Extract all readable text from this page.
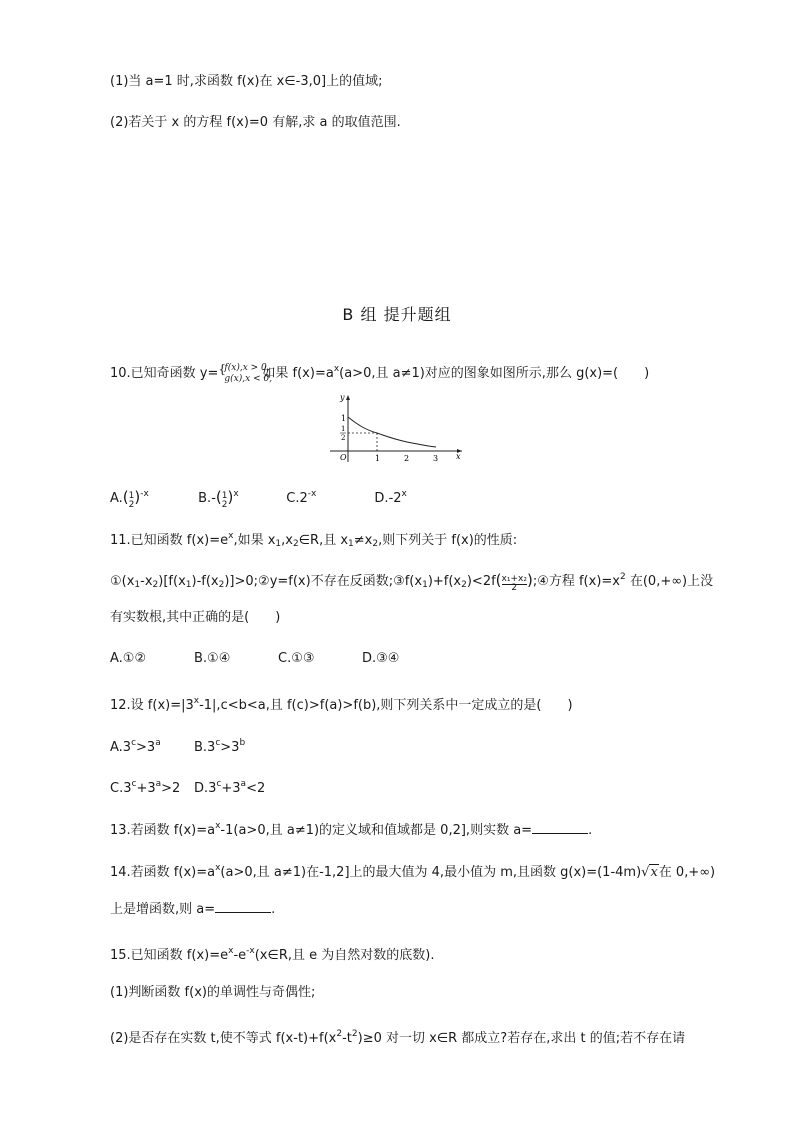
(1)当 a=1 时,求函数 f(x)在 x∈-3,0]上的值域;
(2)若关于 x 的方程 f(x)=0 有解,求 a 的取值范围.
B 组 提升题组
10.已知奇函数 y= {
f(x),x > 0,
g(x),x < 0,
如果 $f(x)=a^x(a>0$,且 a≠1)对应的图象如图所示,那么 g(x)=(　　)
y
x
O	1	2	3
1
1
2
A.(1
2)$^{-x}$	B.-(1
2)$^x$	$C.2^{-x}$	D.-2$^x$
11.已知函数 $f(x)=e^x$,如果 $x_1,x_2\in R$,且 $x_1\ne x_2$,则下列关于 f(x)的性质:
$①(x_1-x_2)[f(x_1)-f(x_2)]>0;②y=f(x)$不存在反函数$;③f(x_1)+f(x_2)<2f(\frac{\text{x₁+x₂}}{2});④$方程 $f(x)=x^2$ 在(0,+∞)上没
有实数根,其中正确的是(　　)
A.①②	B.①④	C.①③	D.③④
12.设 $f(x)=|3^x-1|,c<b<a$,且 f(c)>f(a)>f(b),则下列关系中一定成立的是(　　)
$A.3^c>3^a$	$B.3^c>3^b$
$C.3^c+3^a>2$ $D.3^c+3^a<2$
13.若函数 $f(x)=a^x-1(a>0$,且 a≠1)的定义域和值域都是 0,2],则实数 a=	.
14.若函数 $f(x)=a^x(a>0$,且 a≠1)在-1,2]上的最大值为 4,最小值为 m,且函数 g(x)=(1-4m)√x在 0,+∞)
上是增函数,则 a=	.
15.已知函数 $f(x)=e^x-e^{-x}(x\in R$,且 e 为自然对数的底数).
(1)判断函数 f(x)的单调性与奇偶性;
(2)是否存在实数 t,使不等式 $f(x-t)+f(x^2-t^2)\ge 0$ 对一切 x∈R 都成立?若存在,求出 t 的值;若不存在请
